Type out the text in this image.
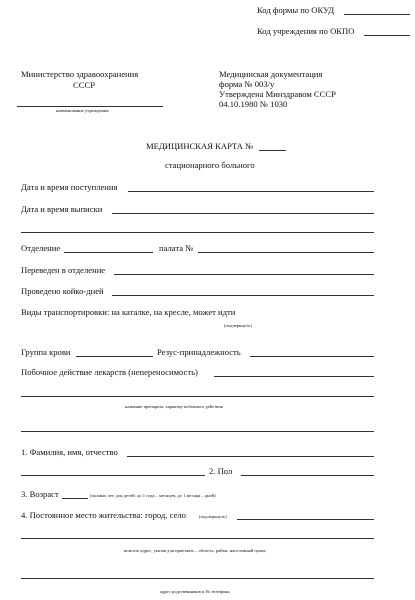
Код формы по ОКУД
Код учреждения по ОКПО
Министерство здравоохранения
СССР
наименование учреждения
Медицинская документация
форма № 003/у
Утверждена Минздравом СССР
04.10.1980 № 1030
МЕДИЦИНСКАЯ КАРТА №
стационарного больного
Дата и время поступления
Дата и время выписки
Отделение	палата №
Переведен в отделение
Проведено койко-дней
Виды транспортировки: на каталке, на кресле, может идти
(подчеркнуть)
Группа крови	Резус-принадлежность
Побочное действие лекарств (непереносимость)
название препарата, характер побочного действия
1. Фамилия, имя, отчество
2. Пол
3. Возраст	(полных лет, для детей: до 1 года – месяцев, до 1 месяца – дней)
4. Постоянное место жительства: город, село	(подчеркнуть)
вписать адрес, указав для приезжих – область, район, населенный пункт,
адрес родственников и № телефона,
